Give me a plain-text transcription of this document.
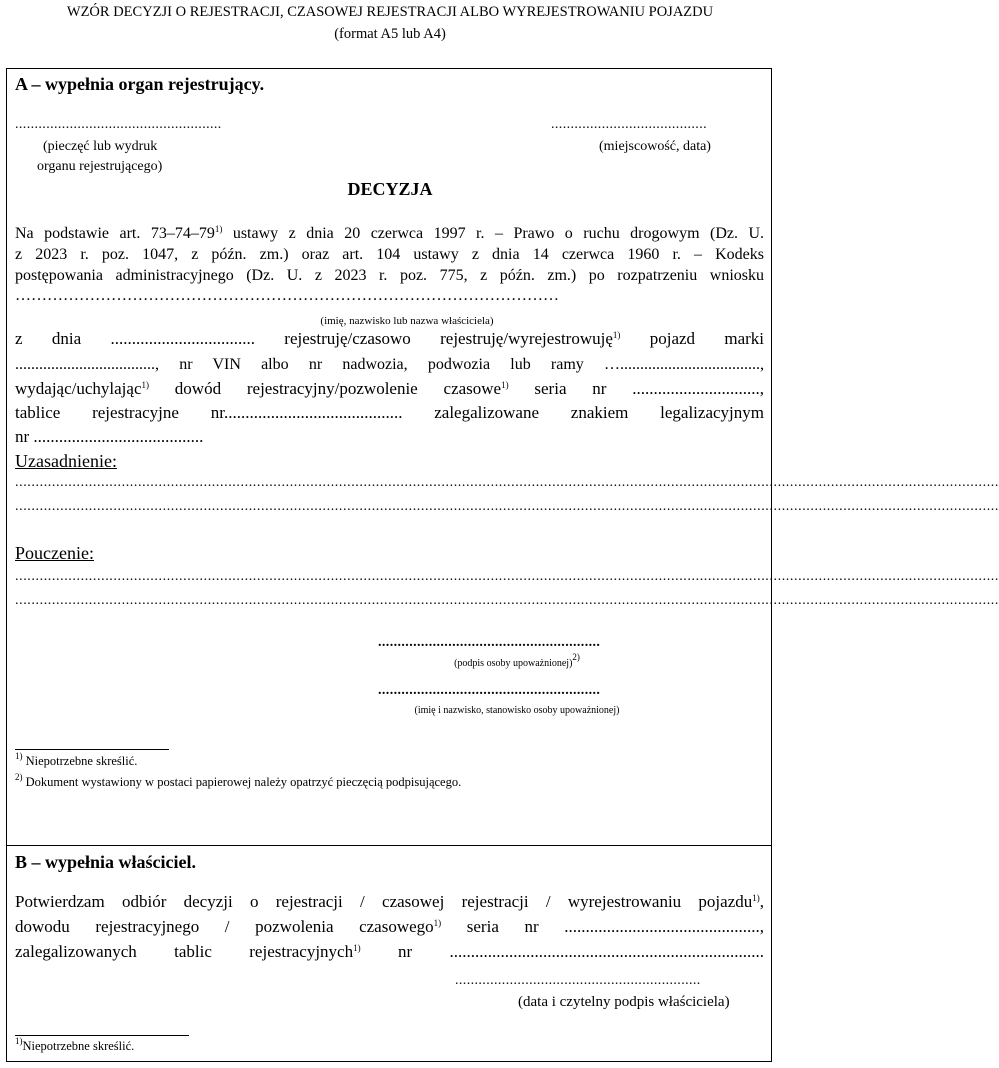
WZÓR DECYZJI O REJESTRACJI, CZASOWEJ REJESTRACJI ALBO WYREJESTROWANIU POJAZDU
(format A5 lub A4)
A – wypełnia organ rejestrujący.
.....................................................
(pieczęć lub wydruk
organu rejestrującego)
........................................
(miejscowość, data)
DECYZJA
Na podstawie art. 73–74–79$^{1)}$ ustawy z dnia 20 czerwca 1997 r. – Prawo o ruchu drogowym (Dz. U.
z 2023 r. poz. 1047, z późn. zm.) oraz art. 104 ustawy z dnia 14 czerwca 1960 r. – Kodeks
postępowania administracyjnego (Dz. U. z 2023 r. poz. 775, z późn. zm.) po rozpatrzeniu wniosku
…………………………………………………………………………………………
(imię, nazwisko lub nazwa właściciela)
z dnia .................................. rejestruję/czasowo rejestruję/wyrejestrowuję$^{1)}$ pojazd marki
..................................., nr VIN albo nr nadwozia, podwozia lub ramy …...................................,
wydając/uchylając$^{1)}$ dowód rejestracyjny/pozwolenie czasowe$^{1)}$ seria nr ..............................,
tablice rejestracyjne nr.......................................... zalegalizowane znakiem legalizacyjnym
nr ........................................
Uzasadnienie:
................................................................................................................................................................................................................................................
................................................................................................................................................................................................................................................
Pouczenie:
................................................................................................................................................................................................................................................
................................................................................................................................................................................................................................................
.........................................................
(podpis osoby upoważnionej)$^{2)}$
.........................................................
(imię i nazwisko, stanowisko osoby upoważnionej)
$^{1)}$ Niepotrzebne skreślić.
$^{2)}$ Dokument wystawiony w postaci papierowej należy opatrzyć pieczęcią podpisującego.
B – wypełnia właściciel.
Potwierdzam odbiór decyzji o rejestracji / czasowej rejestracji / wyrejestrowaniu pojazdu$^{1)}$,
dowodu rejestracyjnego / pozwolenia czasowego$^{1)}$ seria nr ..............................................,
zalegalizowanych tablic rejestracyjnych$^{1)}$ nr ..........................................................................
...............................................................
(data i czytelny podpis właściciela)
$^{1)}$Niepotrzebne skreślić.
